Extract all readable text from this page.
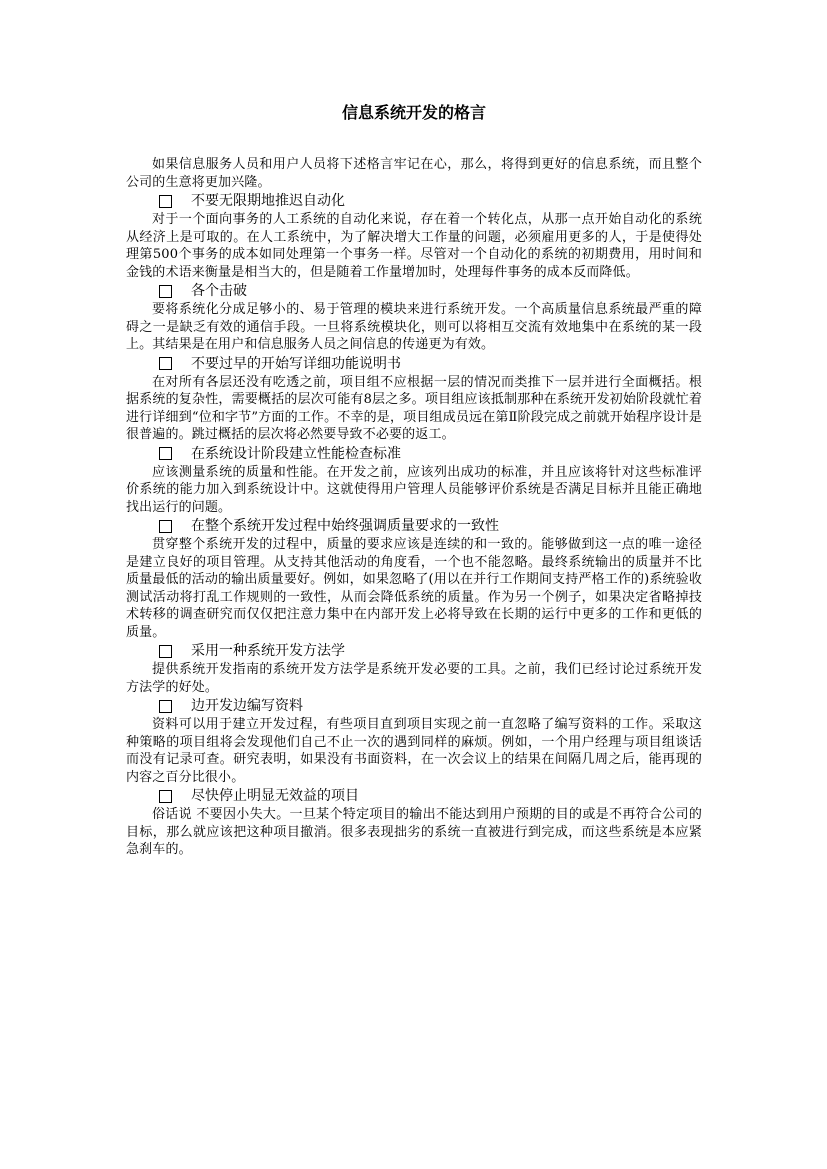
信息系统开发的格言

如果信息服务人员和用户人员将下述格言牢记在心，那么，将得到更好的信息系统，而且整个公司的生意将更加兴隆。

不要无限期地推迟自动化

对于一个面向事务的人工系统的自动化来说，存在着一个转化点，从那一点开始自动化的系统从经济上是可取的。在人工系统中，为了解决增大工作量的问题，必须雇用更多的人，于是使得处理第500个事务的成本如同处理第一个事务一样。尽管对一个自动化的系统的初期费用，用时间和金钱的术语来衡量是相当大的，但是随着工作量增加时，处理每件事务的成本反而降低。

各个击破

要将系统化分成足够小的、易于管理的模块来进行系统开发。一个高质量信息系统最严重的障碍之一是缺乏有效的通信手段。一旦将系统模块化，则可以将相互交流有效地集中在系统的某一段上。其结果是在用户和信息服务人员之间信息的传递更为有效。

不要过早的开始写详细功能说明书

在对所有各层还没有吃透之前，项目组不应根据一层的情况而类推下一层并进行全面概括。根据系统的复杂性，需要概括的层次可能有8层之多。项目组应该抵制那种在系统开发初始阶段就忙着进行详细到“位和字节”方面的工作。不幸的是，项目组成员远在第Ⅱ阶段完成之前就开始程序设计是很普遍的。跳过概括的层次将必然要导致不必要的返工。

在系统设计阶段建立性能检查标准

应该测量系统的质量和性能。在开发之前，应该列出成功的标准，并且应该将针对这些标准评价系统的能力加入到系统设计中。这就使得用户管理人员能够评价系统是否满足目标并且能正确地找出运行的问题。

在整个系统开发过程中始终强调质量要求的一致性

贯穿整个系统开发的过程中，质量的要求应该是连续的和一致的。能够做到这一点的唯一途径是建立良好的项目管理。从支持其他活动的角度看，一个也不能忽略。最终系统输出的质量并不比质量最低的活动的输出质量要好。例如，如果忽略了(用以在并行工作期间支持严格工作的)系统验收测试活动将打乱工作规则的一致性，从而会降低系统的质量。作为另一个例子，如果决定省略掉技术转移的调查研究而仅仅把注意力集中在内部开发上必将导致在长期的运行中更多的工作和更低的质量。

采用一种系统开发方法学

提供系统开发指南的系统开发方法学是系统开发必要的工具。之前，我们已经讨论过系统开发方法学的好处。

边开发边编写资料

资料可以用于建立开发过程，有些项目直到项目实现之前一直忽略了编写资料的工作。采取这种策略的项目组将会发现他们自己不止一次的遇到同样的麻烦。例如，一个用户经理与项目组谈话而没有记录可查。研究表明，如果没有书面资料，在一次会议上的结果在间隔几周之后，能再现的内容之百分比很小。

尽快停止明显无效益的项目

俗话说 不要因小失大。一旦某个特定项目的输出不能达到用户预期的目的或是不再符合公司的目标，那么就应该把这种项目撤消。很多表现拙劣的系统一直被进行到完成，而这些系统是本应紧急刹车的。
